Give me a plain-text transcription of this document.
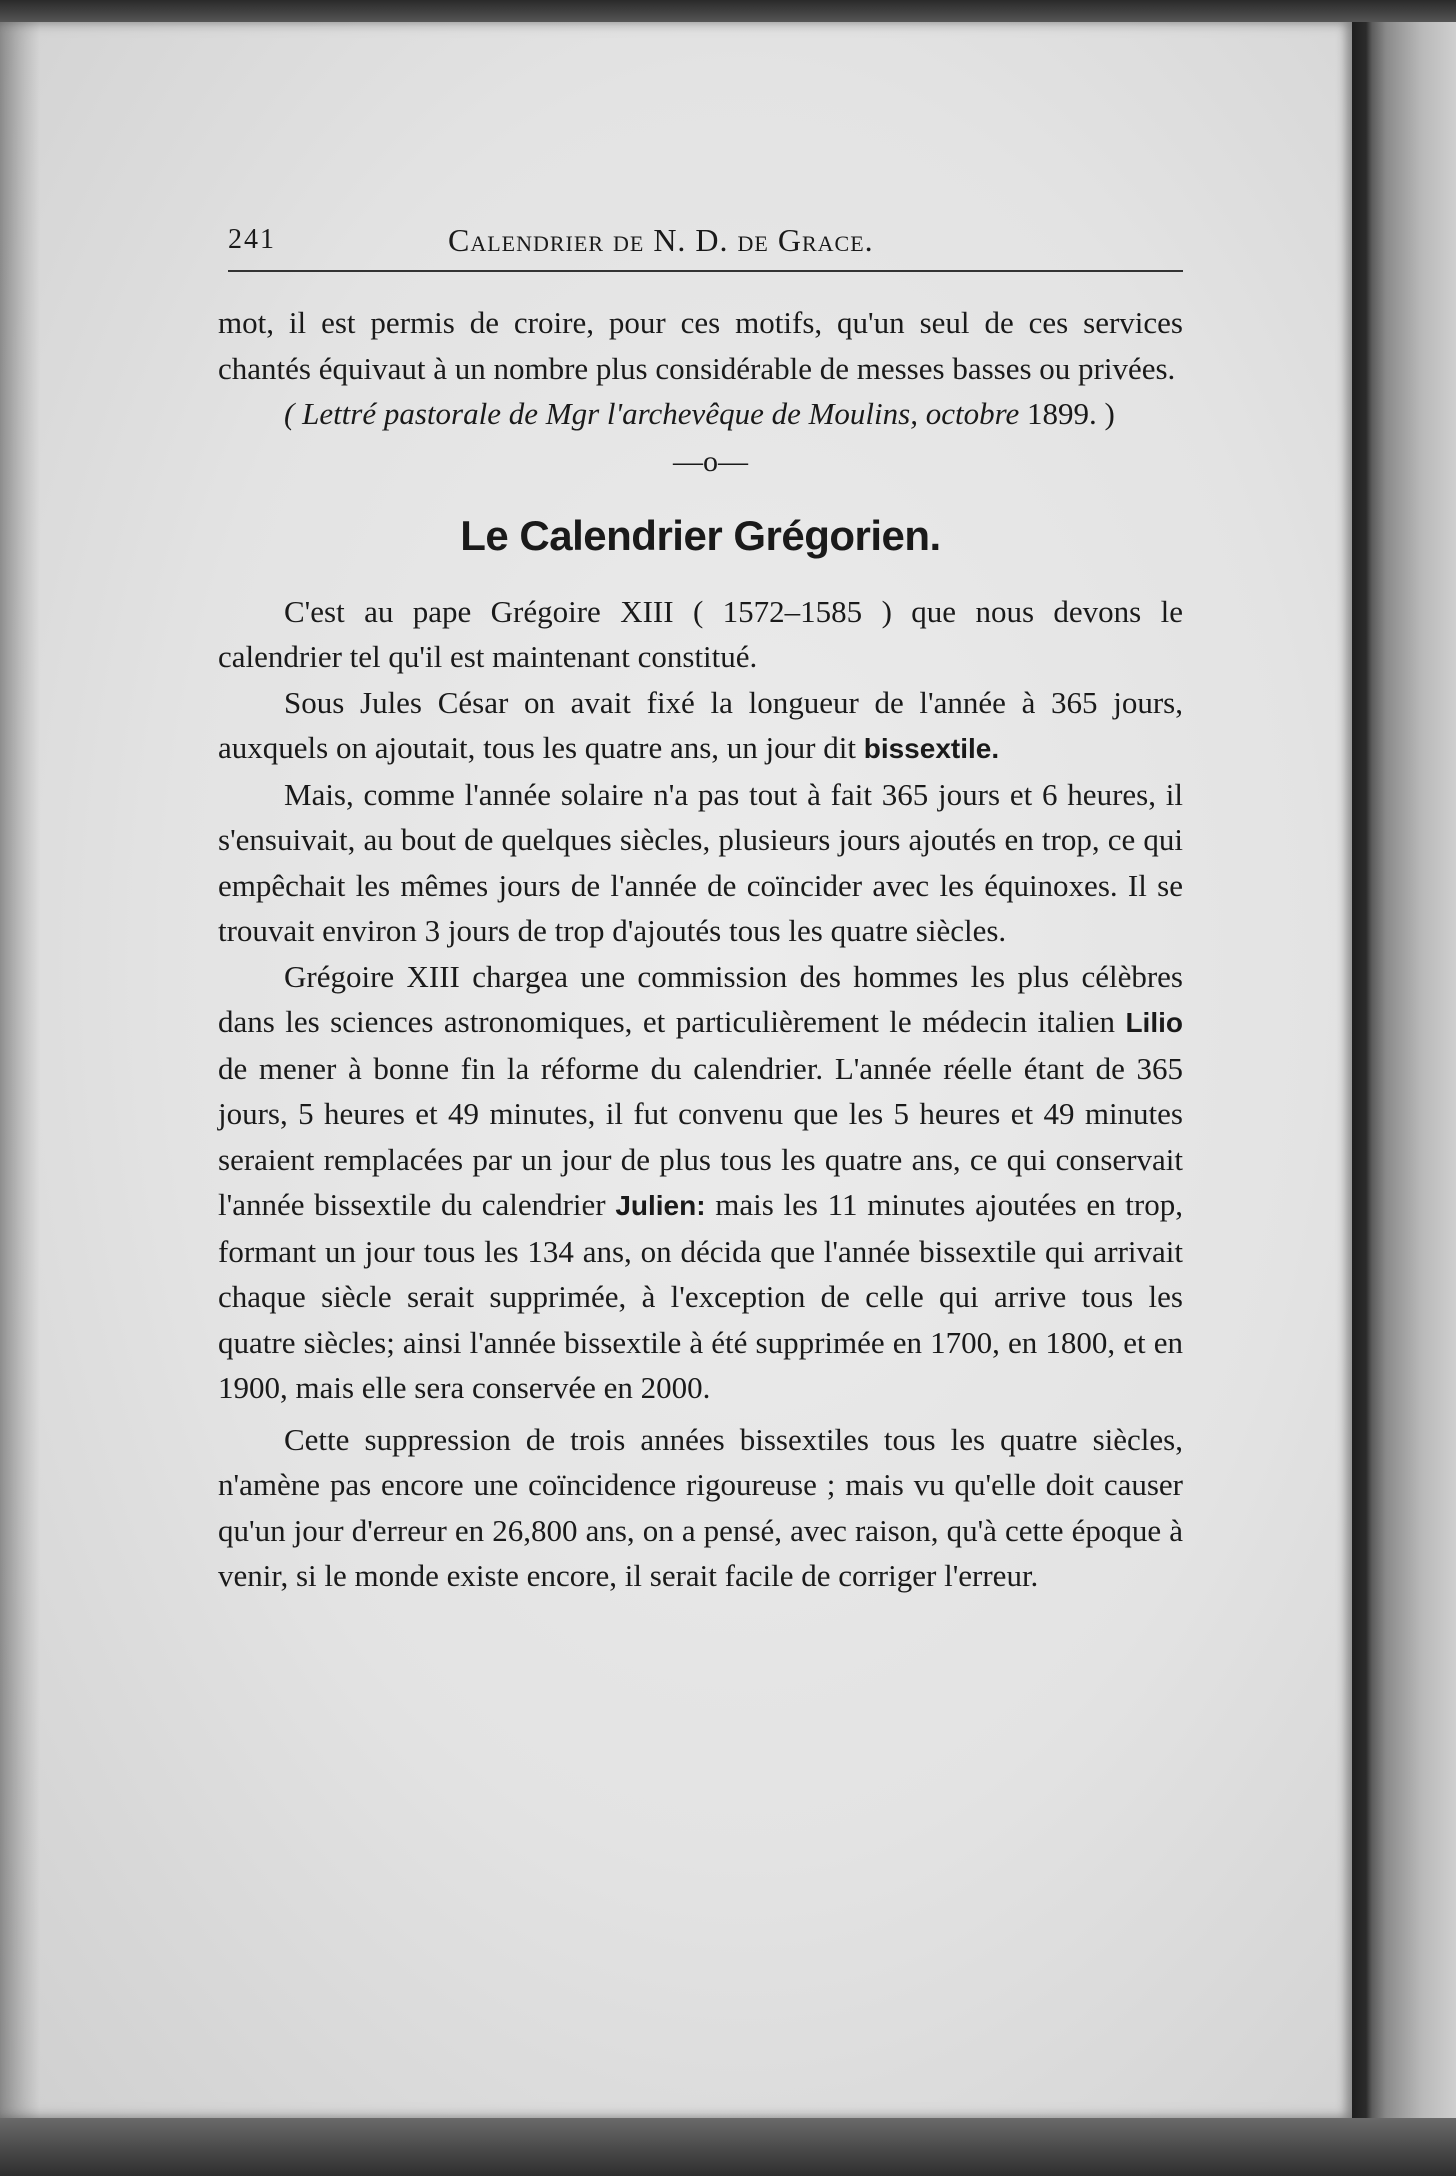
241	Calendrier de N. D. de Grace.

mot, il est permis de croire, pour ces motifs, qu'un seul de ces services chantés équivaut à un nombre plus considérable de messes basses ou privées.

( Lettré pastorale de Mgr l'archevêque de Moulins, octobre 1899. )

—o—
Le Calendrier Grégorien.

C'est au pape Grégoire XIII ( 1572–1585 ) que nous devons le calendrier tel qu'il est maintenant constitué.

Sous Jules César on avait fixé la longueur de l'année à 365 jours, auxquels on ajoutait, tous les quatre ans, un jour dit bissextile.

Mais, comme l'année solaire n'a pas tout à fait 365 jours et 6 heures, il s'ensuivait, au bout de quelques siècles, plusieurs jours ajoutés en trop, ce qui empêchait les mêmes jours de l'année de coïncider avec les équinoxes. Il se trouvait environ 3 jours de trop d'ajoutés tous les quatre siècles.

Grégoire XIII chargea une commission des hommes les plus célèbres dans les sciences astronomiques, et particulièrement le médecin italien Lilio de mener à bonne fin la réforme du calendrier. L'année réelle étant de 365 jours, 5 heures et 49 minutes, il fut convenu que les 5 heures et 49 minutes seraient remplacées par un jour de plus tous les quatre ans, ce qui conservait l'année bissextile du calendrier Julien: mais les 11 minutes ajoutées en trop, formant un jour tous les 134 ans, on décida que l'année bissextile qui arrivait chaque siècle serait supprimée, à l'exception de celle qui arrive tous les quatre siècles; ainsi l'année bissextile à été supprimée en 1700, en 1800, et en 1900, mais elle sera conservée en 2000.

Cette suppression de trois années bissextiles tous les quatre siècles, n'amène pas encore une coïncidence rigoureuse ; mais vu qu'elle doit causer qu'un jour d'erreur en 26,800 ans, on a pensé, avec raison, qu'à cette époque à venir, si le monde existe encore, il serait facile de corriger l'erreur.
